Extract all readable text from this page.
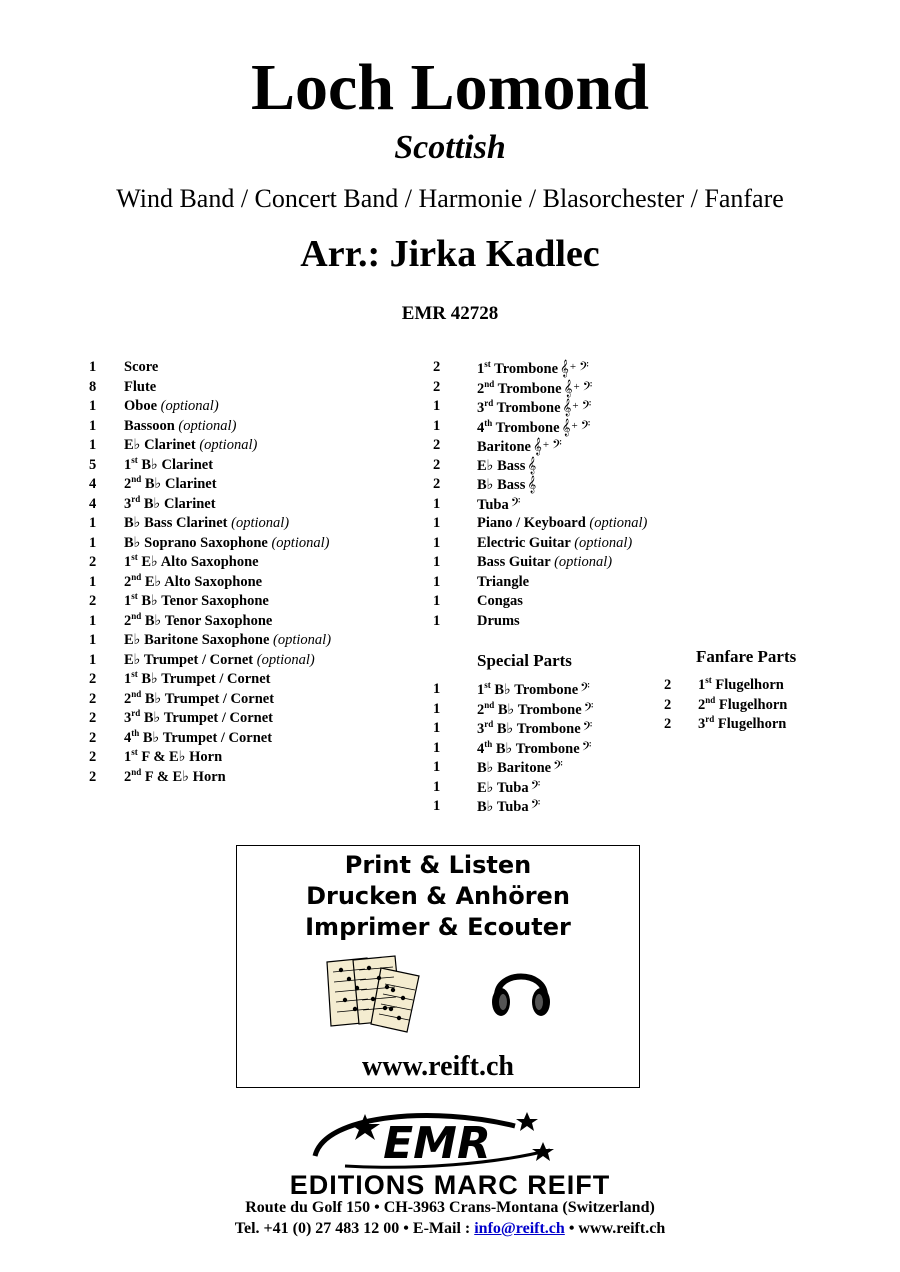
Loch Lomond
Scottish
Wind Band / Concert Band / Harmonie / Blasorchester / Fanfare
Arr.: Jirka Kadlec
EMR 42728
1 Score
8 Flute
1 Oboe (optional)
1 Bassoon (optional)
1 E♭ Clarinet (optional)
5 1st B♭ Clarinet
4 2nd B♭ Clarinet
4 3rd B♭ Clarinet
1 B♭ Bass Clarinet (optional)
1 B♭ Soprano Saxophone (optional)
2 1st E♭ Alto Saxophone
1 2nd E♭ Alto Saxophone
2 1st B♭ Tenor Saxophone
1 2nd B♭ Tenor Saxophone
1 E♭ Baritone Saxophone (optional)
1 E♭ Trumpet / Cornet (optional)
2 1st B♭ Trumpet / Cornet
2 2nd B♭ Trumpet / Cornet
2 3rd B♭ Trumpet / Cornet
2 4th B♭ Trumpet / Cornet
2 1st F & E♭ Horn
2 2nd F & E♭ Horn
2	1st Trombone 𝄞+ 𝄢
2	2nd Trombone 𝄞+ 𝄢
1	3rd Trombone 𝄞+ 𝄢
1	4th Trombone 𝄞+ 𝄢
2	Baritone 𝄞+ 𝄢
2	E♭ Bass 𝄞
2	B♭ Bass 𝄞
1	Tuba 𝄢
1	Piano / Keyboard (optional)
1	Electric Guitar (optional)
1	Bass Guitar (optional)
1	Triangle
1	Congas
1	Drums
Special Parts
1	1st B♭ Trombone 𝄢
1	2nd B♭ Trombone 𝄢
1	3rd B♭ Trombone 𝄢
1	4th B♭ Trombone 𝄢
1	B♭ Baritone 𝄢
1	E♭ Tuba 𝄢
1	B♭ Tuba 𝄢
Fanfare Parts
2 1st Flugelhorn
2 2nd Flugelhorn
2 3rd Flugelhorn
Print & Listen
Drucken & Anhören
Imprimer & Ecouter
www.reift.ch
EMR
EDITIONS MARC REIFT
Route du Golf 150 • CH-3963 Crans-Montana (Switzerland)
Tel. +41 (0) 27 483 12 00 • E-Mail : info@reift.ch • www.reift.ch
